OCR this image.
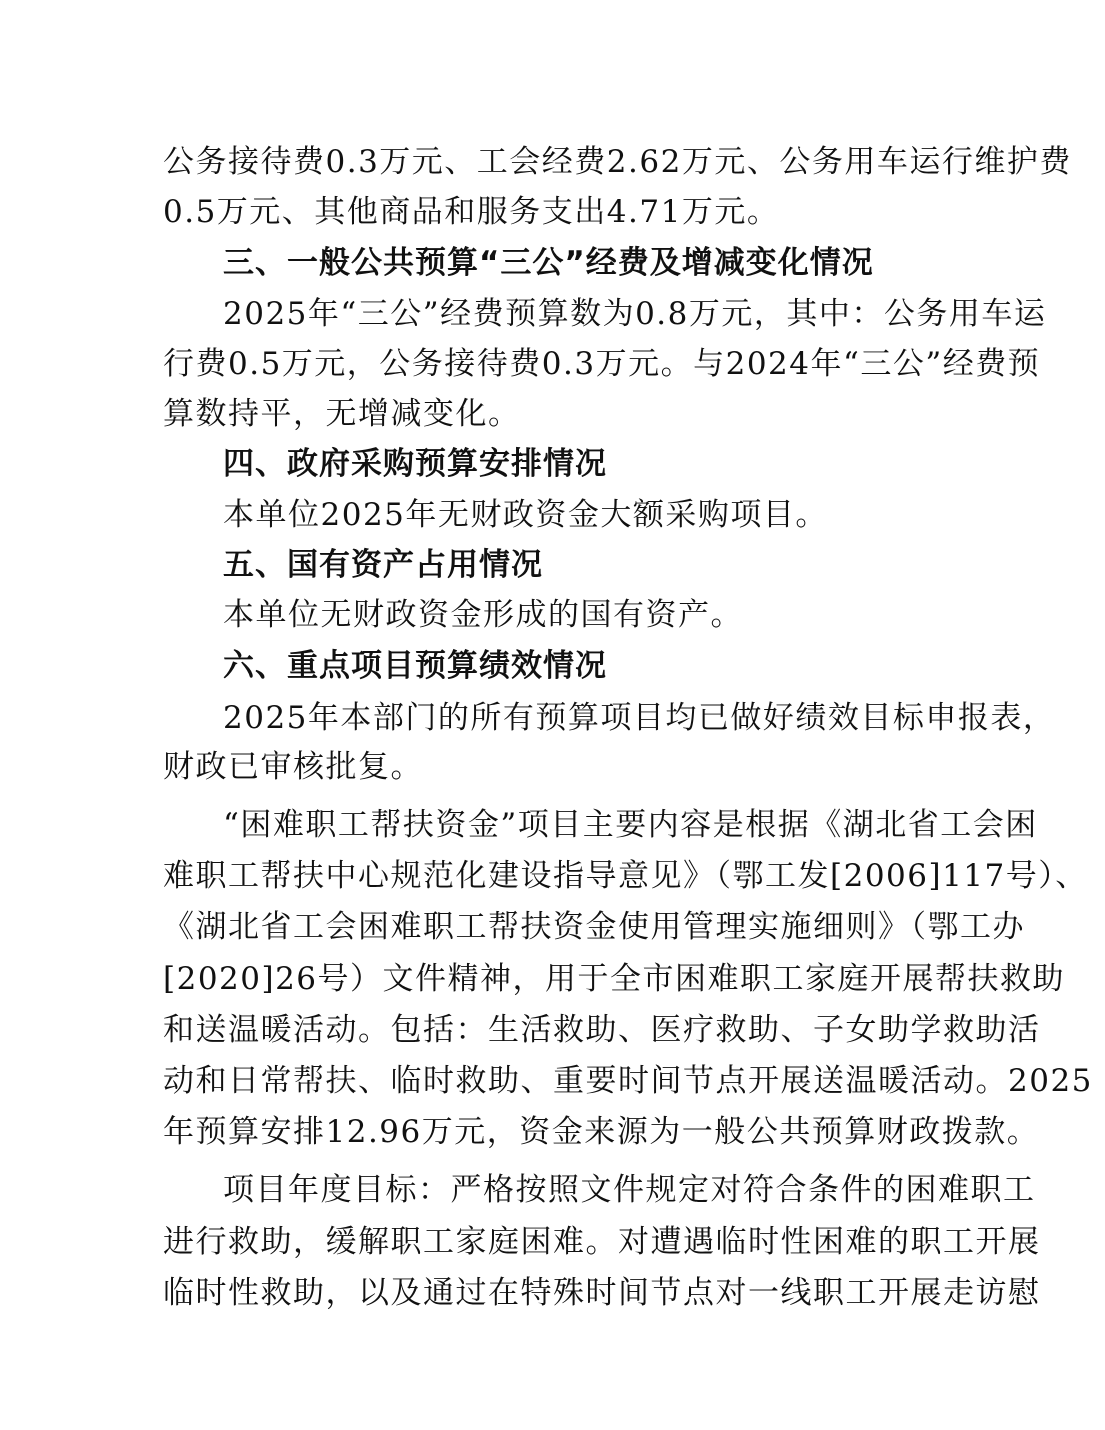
公务接待费0.3万元、工会经费2.62万元、公务用车运行维护费
0.5万元、其他商品和服务支出4.71万元。
三、一般公共预算“三公”经费及增减变化情况
2025年“三公”经费预算数为0.8万元，其中：公务用车运
行费0.5万元，公务接待费0.3万元。与2024年“三公”经费预
算数持平，无增减变化。
四、政府采购预算安排情况
本单位2025年无财政资金大额采购项目。
五、国有资产占用情况
本单位无财政资金形成的国有资产。
六、重点项目预算绩效情况
2025年本部门的所有预算项目均已做好绩效目标申报表，
财政已审核批复。
“困难职工帮扶资金”项目主要内容是根据《湖北省工会困
难职工帮扶中心规范化建设指导意见》（鄂工发[2006]117号）、
《湖北省工会困难职工帮扶资金使用管理实施细则》（鄂工办
[2020]26号）文件精神，用于全市困难职工家庭开展帮扶救助
和送温暖活动。包括：生活救助、医疗救助、子女助学救助活
动和日常帮扶、临时救助、重要时间节点开展送温暖活动。2025
年预算安排12.96万元，资金来源为一般公共预算财政拨款。
项目年度目标：严格按照文件规定对符合条件的困难职工
进行救助，缓解职工家庭困难。对遭遇临时性困难的职工开展
临时性救助，以及通过在特殊时间节点对一线职工开展走访慰
